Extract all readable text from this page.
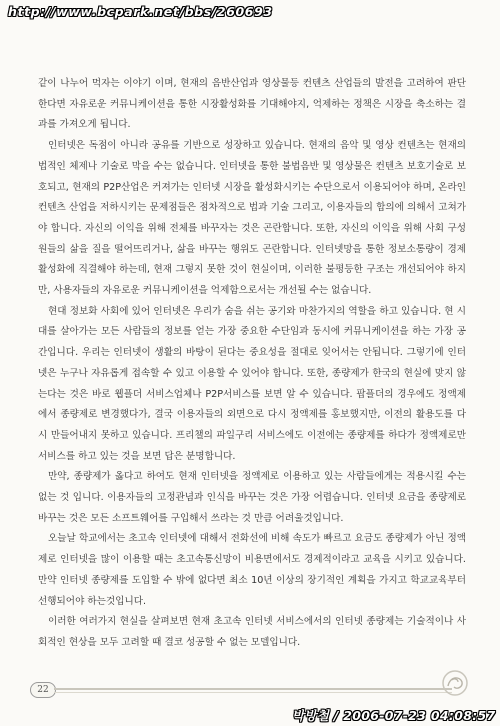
http://www.bcpark.net/bbs/260693

같이 나누어 먹자는 이야기 이며, 현재의 음반산업과 영상물등 컨텐츠 산업들의 발전을 고려하여 판단한다면 자유로운 커뮤니케이션을 통한 시장활성화를 기대해야지, 억제하는 정책은 시장을 축소하는 결과를 가져오게 됩니다.

인터넷은 독점이 아니라 공유를 기반으로 성장하고 있습니다. 현재의 음악 및 영상 컨텐츠는 현재의 법적인 체제나 기술로 막을 수는 없습니다. 인터넷을 통한 불법음반 및 영상물은 컨텐츠 보호기술로 보호되고, 현재의 P2P산업은 커져가는 인터넷 시장을 활성화시키는 수단으로서 이용되어야 하며, 온라인 컨텐츠 산업을 저하시키는 문제점들은 점차적으로 법과 기술 그리고, 이용자들의 합의에 의해서 고쳐가야 합니다. 자신의 이익을 위해 전체를 바꾸자는 것은 곤란합니다. 또한, 자신의 이익을 위해 사회 구성원들의 삶을 질을 떨어뜨리거나, 삶을 바꾸는 행위도 곤란합니다. 인터넷망을 통한 정보소통량이 경제활성화에 직결해야 하는데, 현재 그렇지 못한 것이 현실이며, 이러한 불평등한 구조는 개선되어야 하지만, 사용자들의 자유로운 커뮤니케이션을 억제함으로서는 개선될 수는 없습니다.

현대 정보화 사회에 있어 인터넷은 우리가 숨을 쉬는 공기와 마찬가지의 역할을 하고 있습니다. 현 시대를 살아가는 모든 사람들의 정보를 얻는 가장 중요한 수단임과 동시에 커뮤니케이션을 하는 가장 공간입니다. 우리는 인터넷이 생활의 바탕이 된다는 중요성을 절대로 잊어서는 안됩니다. 그렇기에 인터넷은 누구나 자유롭게 접속할 수 있고 이용할 수 있어야 합니다. 또한, 종량제가 한국의 현실에 맞지 않는다는 것은 바로 웹플더 서비스업체나 P2P서비스를 보면 알 수 있습니다. 팝플더의 경우에도 정액제에서 종량제로 변경했다가, 결국 이용자들의 외면으로 다시 정액제를 홍보했지만, 이전의 활용도를 다시 만들어내지 못하고 있습니다. 프리챌의 파일구리 서비스에도 이전에는 종량제를 하다가 정액제로만 서비스를 하고 있는 것을 보면 답은 분명합니다.

만약, 종량제가 옳다고 하여도 현재 인터넷을 정액제로 이용하고 있는 사람들에게는 적용시킬 수는 없는 것 입니다. 이용자들의 고정관념과 인식을 바꾸는 것은 가장 어렵습니다. 인터넷 요금을 종량제로 바꾸는 것은 모든 소프트웨어를 구입해서 쓰라는 것 만큼 어려울것입니다.

오늘날 학교에서는 초고속 인터넷에 대해서 전화선에 비해 속도가 빠르고 요금도 종량제가 아닌 정액제로 인터넷을 많이 이용할 때는 초고속통신망이 비용면에서도 경제적이라고 교육을 시키고 있습니다. 만약 인터넷 종량제를 도입할 수 밖에 없다면 최소 10년 이상의 장기적인 계획을 가지고 학교교육부터 선행되어야 하는것입니다.

이러한 여러가지 현실을 살펴보면 현재 초고속 인터넷 서비스에서의 인터넷 종량제는 기술적이나 사회적인 현상을 모두 고려할 때 결코 성공할 수 없는 모델입니다.

22
박방철 / 2006-07-23 04:08:57
